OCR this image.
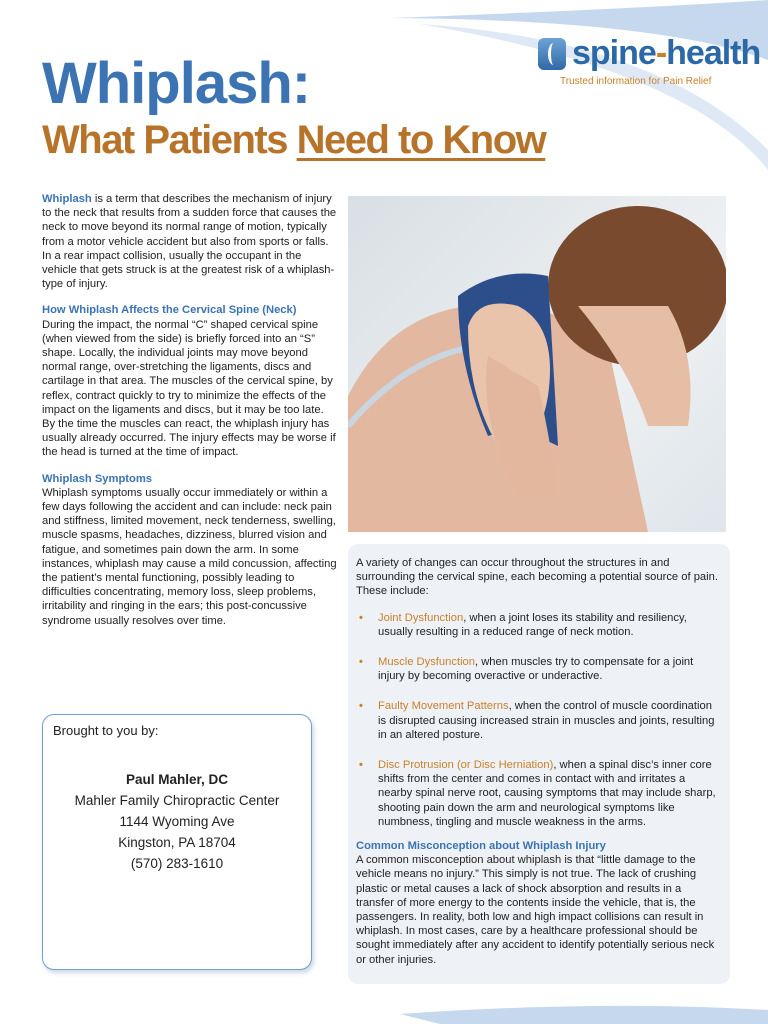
spine-health
Trusted information for Pain Relief
Whiplash:
What Patients Need to Know

Whiplash is a term that describes the mechanism of injury to the neck that results from a sudden force that causes the neck to move beyond its normal range of motion, typically from a motor vehicle accident but also from sports or falls. In a rear impact collision, usually the occupant in the vehicle that gets struck is at the greatest risk of a whiplash-type of injury.

How Whiplash Affects the Cervical Spine (Neck)

During the impact, the normal “C” shaped cervical spine (when viewed from the side) is briefly forced into an “S” shape. Locally, the individual joints may move beyond normal range, over-stretching the ligaments, discs and cartilage in that area. The muscles of the cervical spine, by reflex, contract quickly to try to minimize the effects of the impact on the ligaments and discs, but it may be too late. By the time the muscles can react, the whiplash injury has usually already occurred. The injury effects may be worse if the head is turned at the time of impact.

Whiplash Symptoms

Whiplash symptoms usually occur immediately or within a few days following the accident and can include: neck pain and stiffness, limited movement, neck tenderness, swelling, muscle spasms, headaches, dizziness, blurred vision and fatigue, and sometimes pain down the arm. In some instances, whiplash may cause a mild concussion, affecting the patient’s mental functioning, possibly leading to difficulties concentrating, memory loss, sleep problems, irritability and ringing in the ears; this post-concussive syndrome usually resolves over time.

A variety of changes can occur throughout the structures in and surrounding the cervical spine, each becoming a potential source of pain. These include:

• Joint Dysfunction, when a joint loses its stability and resiliency, usually resulting in a reduced range of neck motion.
• Muscle Dysfunction, when muscles try to compensate for a joint injury by becoming overactive or underactive.
• Faulty Movement Patterns, when the control of muscle coordination is disrupted causing increased strain in muscles and joints, resulting in an altered posture.
• Disc Protrusion (or Disc Herniation), when a spinal disc’s inner core shifts from the center and comes in contact with and irritates a nearby spinal nerve root, causing symptoms that may include sharp, shooting pain down the arm and neurological symptoms like numbness, tingling and muscle weakness in the arms.
Common Misconception about Whiplash Injury

A common misconception about whiplash is that “little damage to the vehicle means no injury.” This simply is not true. The lack of crushing plastic or metal causes a lack of shock absorption and results in a transfer of more energy to the contents inside the vehicle, that is, the passengers. In reality, both low and high impact collisions can result in whiplash. In most cases, care by a healthcare professional should be sought immediately after any accident to identify potentially serious neck or other injuries.

Brought to you by:
Paul Mahler, DC
Mahler Family Chiropractic Center
1144 Wyoming Ave
Kingston, PA 18704
(570) 283-1610
